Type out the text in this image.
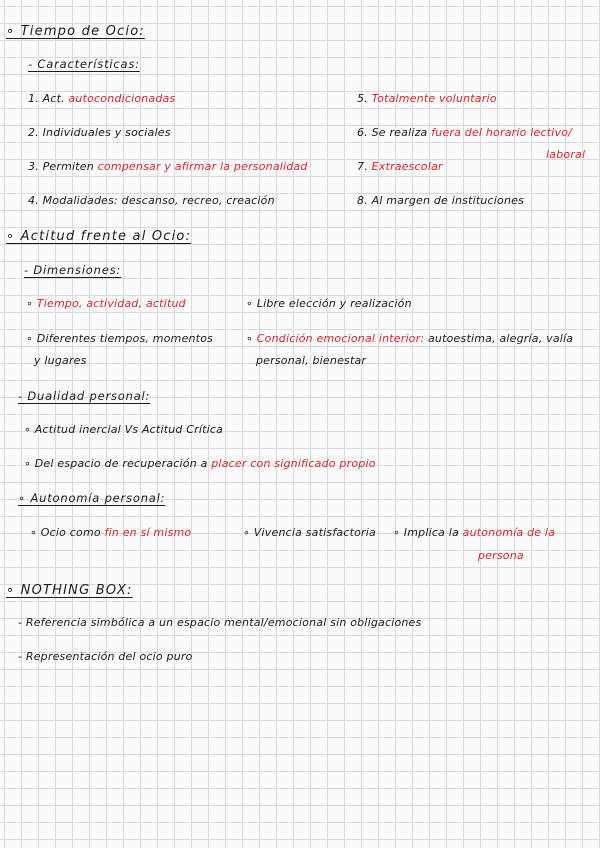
∘ Tiempo de Ocio:
- Características:
1. Act. autocondicionadas
2. Individuales y sociales
3. Permiten compensar y afirmar la personalidad
4. Modalidades: descanso, recreo, creación
5. Totalmente voluntario
6. Se realiza fuera del horario lectivo/
laboral
7. Extraescolar
8. Al margen de instituciones
∘ Actitud frente al Ocio:
- Dimensiones:
∘ Tiempo, actividad, actitud	∘ Libre elección y realización
∘ Diferentes tiempos, momentos
y lugares
∘ Condición emocional interior: autoestima, alegría, valía
personal, bienestar
- Dualidad personal:
∘ Actitud inercial Vs Actitud Crítica
∘ Del espacio de recuperación a placer con significado propio
∘ Autonomía personal:
∘ Ocio como fin en sí mismo	∘ Vivencia satisfactoria ∘ Implica la autonomía de la
persona
∘ NOTHING BOX:
- Referencia simbólica a un espacio mental/emocional sin obligaciones
- Representación del ocio puro
